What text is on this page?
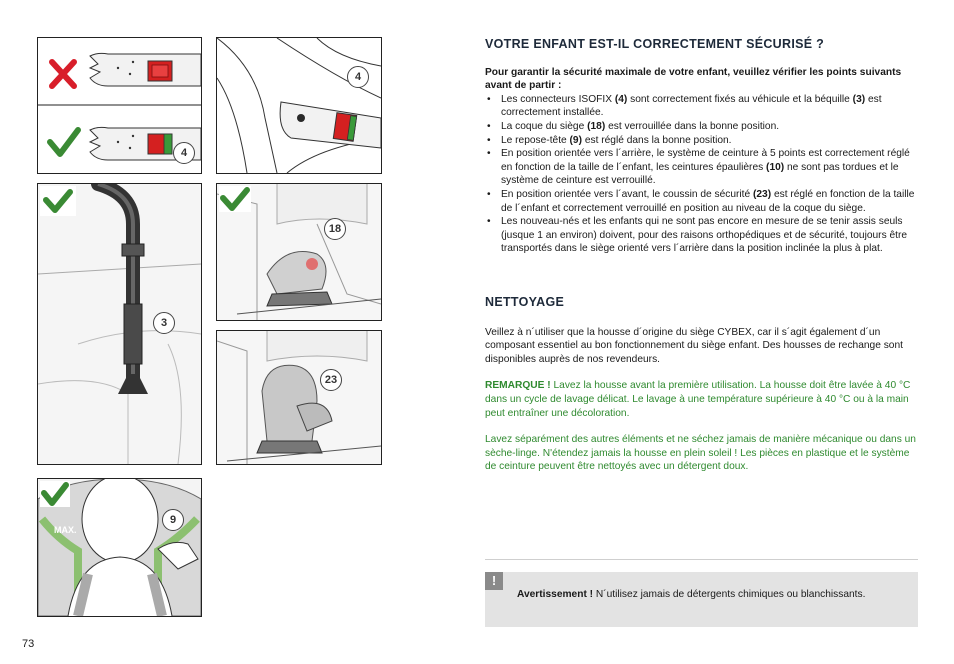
4
4
3
18
23
MAX.
9
VOTRE ENFANT EST-IL CORRECTEMENT SÉCURISÉ ?

Pour garantir la sécurité maximale de votre enfant, veuillez vérifier les points suivants avant de partir :

• Les connecteurs ISOFIX (4) sont correctement fixés au véhicule et la béquille (3) est correctement installée.
• La coque du siège (18) est verrouillée dans la bonne position.
• Le repose-tête (9) est réglé dans la bonne position.
• En position orientée vers l´arrière, le système de ceinture à 5 points est correctement réglé en fonction de la taille de l´enfant, les ceintures épaulières (10) ne sont pas tordues et le système de ceinture est verrouillé.
• En position orientée vers l´avant, le coussin de sécurité (23) est réglé en fonction de la taille de l´enfant et correctement verrouillé en position au niveau de la coque du siège.
• Les nouveau-nés et les enfants qui ne sont pas encore en mesure de se tenir assis seuls (jusque 1 an environ) doivent, pour des raisons orthopédiques et de sécurité, toujours être transportés dans le siège orienté vers l´arrière dans la position inclinée la plus à plat.
NETTOYAGE

Veillez à n´utiliser que la housse d´origine du siège CYBEX, car il s´agit également d´un composant essentiel au bon fonctionnement du siège enfant. Des housses de rechange sont disponibles auprès de nos revendeurs.

REMARQUE ! Lavez la housse avant la première utilisation. La housse doit être lavée à 40 °C dans un cycle de lavage délicat. Le lavage à une température supérieure à 40 °C ou à la main peut entraîner une décoloration.

Lavez séparément des autres éléments et ne séchez jamais de manière mécanique ou dans un sèche-linge. N'étendez jamais la housse en plein soleil ! Les pièces en plastique et le système de ceinture peuvent être nettoyés avec un détergent doux.

!
Avertissement ! N´utilisez jamais de détergents chimiques ou blanchissants.
73
